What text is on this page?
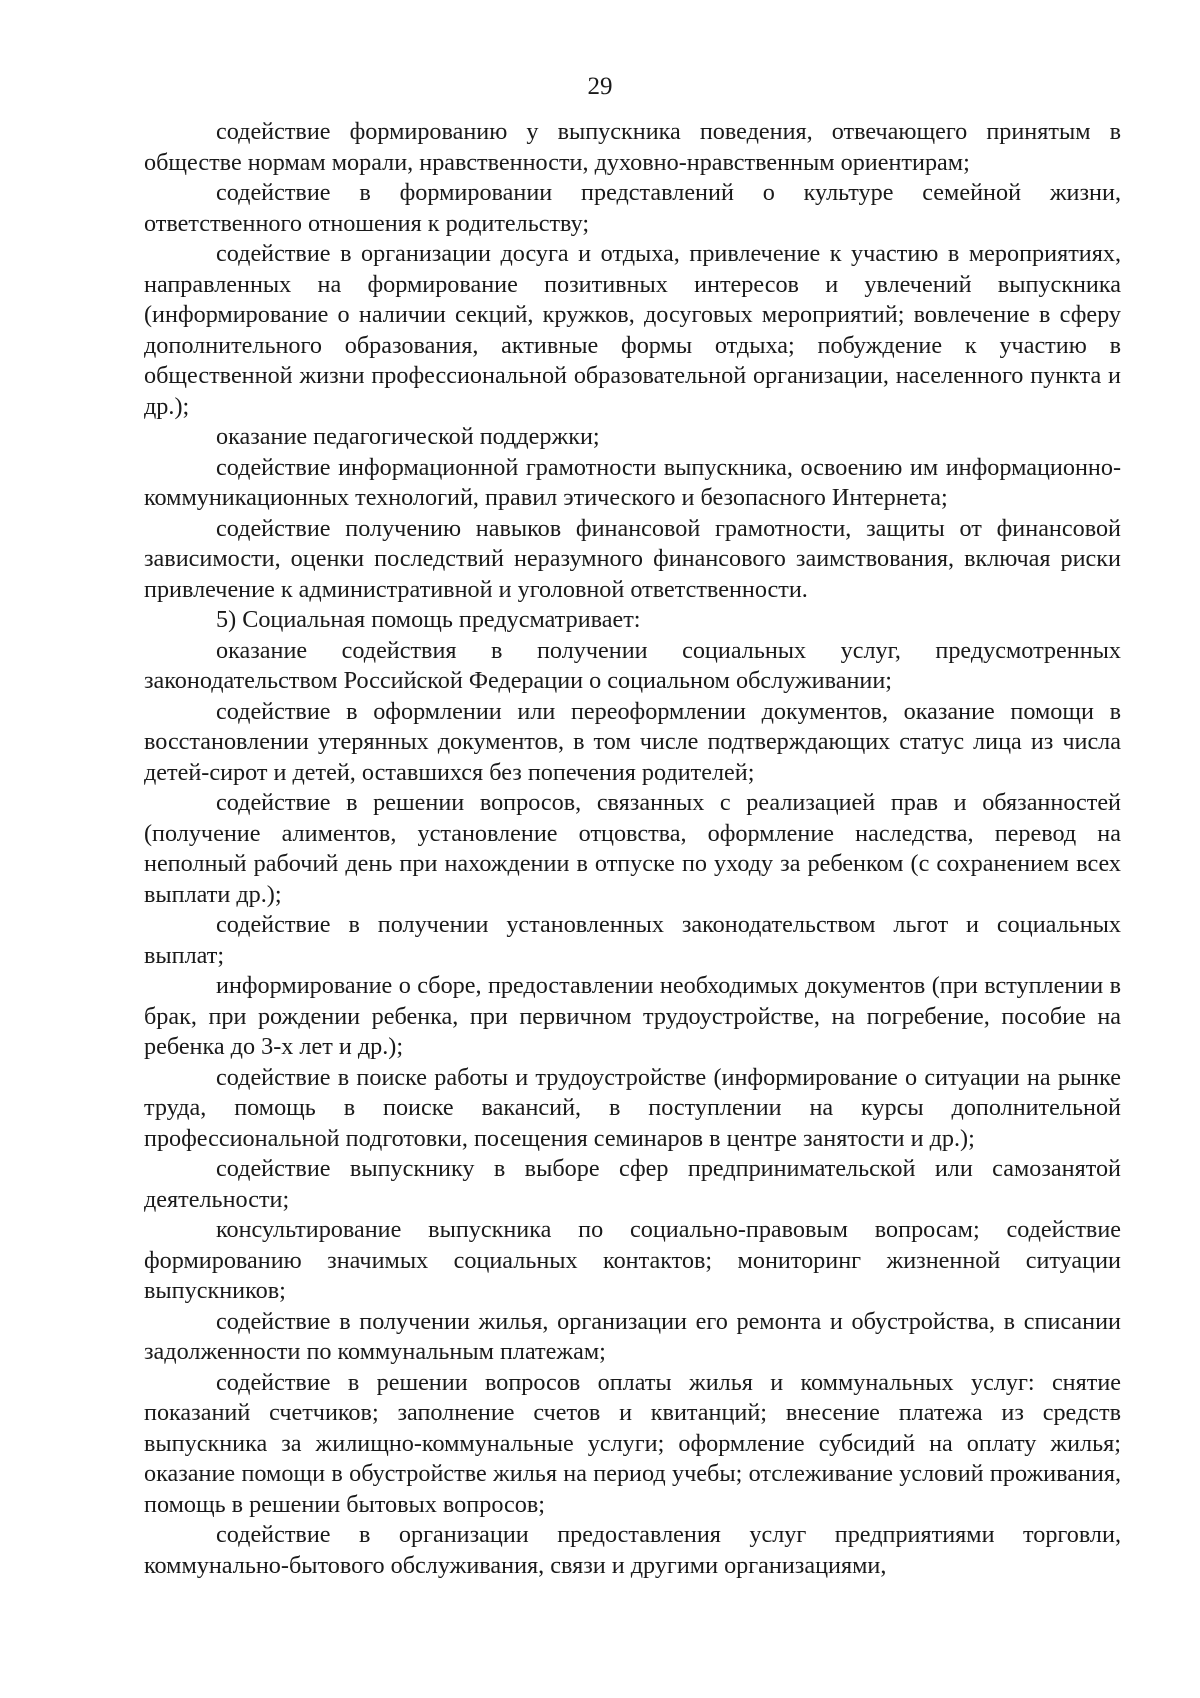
29

содействие формированию у выпускника поведения, отвечающего принятым в обществе нормам морали, нравственности, духовно-нравственным ориентирам;

содействие в формировании представлений о культуре семейной жизни, ответственного отношения к родительству;

содействие в организации досуга и отдыха, привлечение к участию в мероприятиях, направленных на формирование позитивных интересов и увлечений выпускника (информирование о наличии секций, кружков, досуговых мероприятий; вовлечение в сферу дополнительного образования, активные формы отдыха; побуждение к участию в общественной жизни профессиональной образовательной организации, населенного пункта и др.);

оказание педагогической поддержки;

содействие информационной грамотности выпускника, освоению им информационно-коммуникационных технологий, правил этического и безопасного Интернета;

содействие получению навыков финансовой грамотности, защиты от финансовой зависимости, оценки последствий неразумного финансового заимствования, включая риски привлечение к административной и уголовной ответственности.

5) Социальная помощь предусматривает:

оказание содействия в получении социальных услуг, предусмотренных законодательством Российской Федерации о социальном обслуживании;

содействие в оформлении или переоформлении документов, оказание помощи в восстановлении утерянных документов, в том числе подтверждающих статус лица из числа детей-сирот и детей, оставшихся без попечения родителей;

содействие в решении вопросов, связанных с реализацией прав и обязанностей (получение алиментов, установление отцовства, оформление наследства, перевод на неполный рабочий день при нахождении в отпуске по уходу за ребенком (с сохранением всех выплати др.);

содействие в получении установленных законодательством льгот и социальных выплат;

информирование о сборе, предоставлении необходимых документов (при вступлении в брак, при рождении ребенка, при первичном трудоустройстве, на погребение, пособие на ребенка до 3-х лет и др.);

содействие в поиске работы и трудоустройстве (информирование о ситуации на рынке труда, помощь в поиске вакансий, в поступлении на курсы дополнительной профессиональной подготовки, посещения семинаров в центре занятости и др.);

содействие выпускнику в выборе сфер предпринимательской или самозанятой деятельности;

консультирование выпускника по социально-правовым вопросам; содействие формированию значимых социальных контактов; мониторинг жизненной ситуации выпускников;

содействие в получении жилья, организации его ремонта и обустройства, в списании задолженности по коммунальным платежам;

содействие в решении вопросов оплаты жилья и коммунальных услуг: снятие показаний счетчиков; заполнение счетов и квитанций; внесение платежа из средств выпускника за жилищно-коммунальные услуги; оформление субсидий на оплату жилья; оказание помощи в обустройстве жилья на период учебы; отслеживание условий проживания, помощь в решении бытовых вопросов;

содействие в организации предоставления услуг предприятиями торговли, коммунально-бытового обслуживания, связи и другими организациями,
